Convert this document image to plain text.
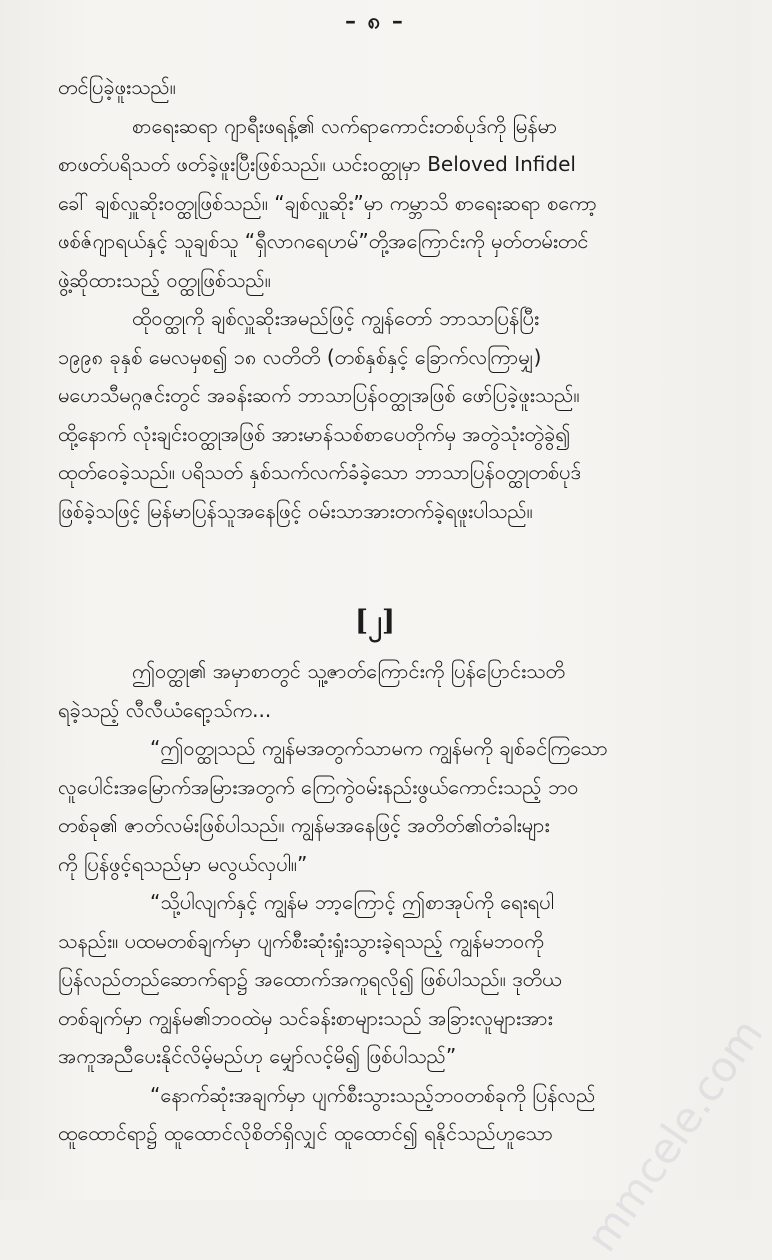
– ၈ –
တင်ပြခဲ့ဖူးသည်။
စာရေးဆရာ ဂျာရီးဖရန့်၏ လက်ရာကောင်းတစ်ပုဒ်ကို မြန်မာ
စာဖတ်ပရိသတ် ဖတ်ခဲ့ဖူးပြီးဖြစ်သည်။ ယင်းဝတ္ထုမှာ Beloved Infidel
ခေါ် ချစ်လှူဆိုးဝတ္ထုဖြစ်သည်။ “ချစ်လှူဆိုး”မှာ ကမ္ဘာသိ စာရေးဆရာ စကော့
ဖစ်ဇ်ဂျာရယ်နှင့် သူချစ်သူ “ရှီလာဂရေဟမ်”တို့အကြောင်းကို မှတ်တမ်းတင်
ဖွဲ့ဆိုထားသည့် ဝတ္ထုဖြစ်သည်။
ထိုဝတ္ထုကို ချစ်လှူဆိုးအမည်ဖြင့် ကျွန်တော် ဘာသာပြန်ပြီး
၁၉၉၈ ခုနှစ် မေလမှစ၍ ၁၈ လတိတိ (တစ်နှစ်နှင့် ခြောက်လကြာမျှ)
မဟေသီမဂ္ဂဇင်းတွင် အခန်းဆက် ဘာသာပြန်ဝတ္ထုအဖြစ် ဖော်ပြခဲ့ဖူးသည်။
ထို့နောက် လုံးချင်းဝတ္ထုအဖြစ် အားမာန်သစ်စာပေတိုက်မှ အတွဲသုံးတွဲခွဲ၍
ထုတ်ဝေခဲ့သည်။ ပရိသတ် နှစ်သက်လက်ခံခဲ့သော ဘာသာပြန်ဝတ္ထုတစ်ပုဒ်
ဖြစ်ခဲ့သဖြင့် မြန်မာပြန်သူအနေဖြင့် ဝမ်းသာအားတက်ခဲ့ရဖူးပါသည်။
[၂]
ဤဝတ္ထု၏ အမှာစာတွင် သူ့ဇာတ်ကြောင်းကို ပြန်ပြောင်းသတိ
ရခဲ့သည့် လီလီယံရော့သ်က...
“ဤဝတ္ထုသည် ကျွန်မအတွက်သာမက ကျွန်မကို ချစ်ခင်ကြသော
လူပေါင်းအမြောက်အမြားအတွက် ကြေကွဲဝမ်းနည်းဖွယ်ကောင်းသည့် ဘဝ
တစ်ခု၏ ဇာတ်လမ်းဖြစ်ပါသည်။ ကျွန်မအနေဖြင့် အတိတ်၏တံခါးများ
ကို ပြန်ဖွင့်ရသည်မှာ မလွယ်လှပါ။”
“သို့ပါလျက်နှင့် ကျွန်မ ဘာ့ကြောင့် ဤစာအုပ်ကို ရေးရပါ
သနည်း။ ပထမတစ်ချက်မှာ ပျက်စီးဆုံးရှုံးသွားခဲ့ရသည့် ကျွန်မဘဝကို
ပြန်လည်တည်ဆောက်ရာ၌ အထောက်အကူရလို၍ ဖြစ်ပါသည်။ ဒုတိယ
တစ်ချက်မှာ ကျွန်မ၏ဘဝထဲမှ သင်ခန်းစာများသည် အခြားလူများအား
အကူအညီပေးနိုင်လိမ့်မည်ဟု မျှော်လင့်မိ၍ ဖြစ်ပါသည်”
“နောက်ဆုံးအချက်မှာ ပျက်စီးသွားသည့်ဘဝတစ်ခုကို ပြန်လည်
ထူထောင်ရာ၌ ထူထောင်လိုစိတ်ရှိလျှင် ထူထောင်၍ ရနိုင်သည်ဟူသော mmcele.com
